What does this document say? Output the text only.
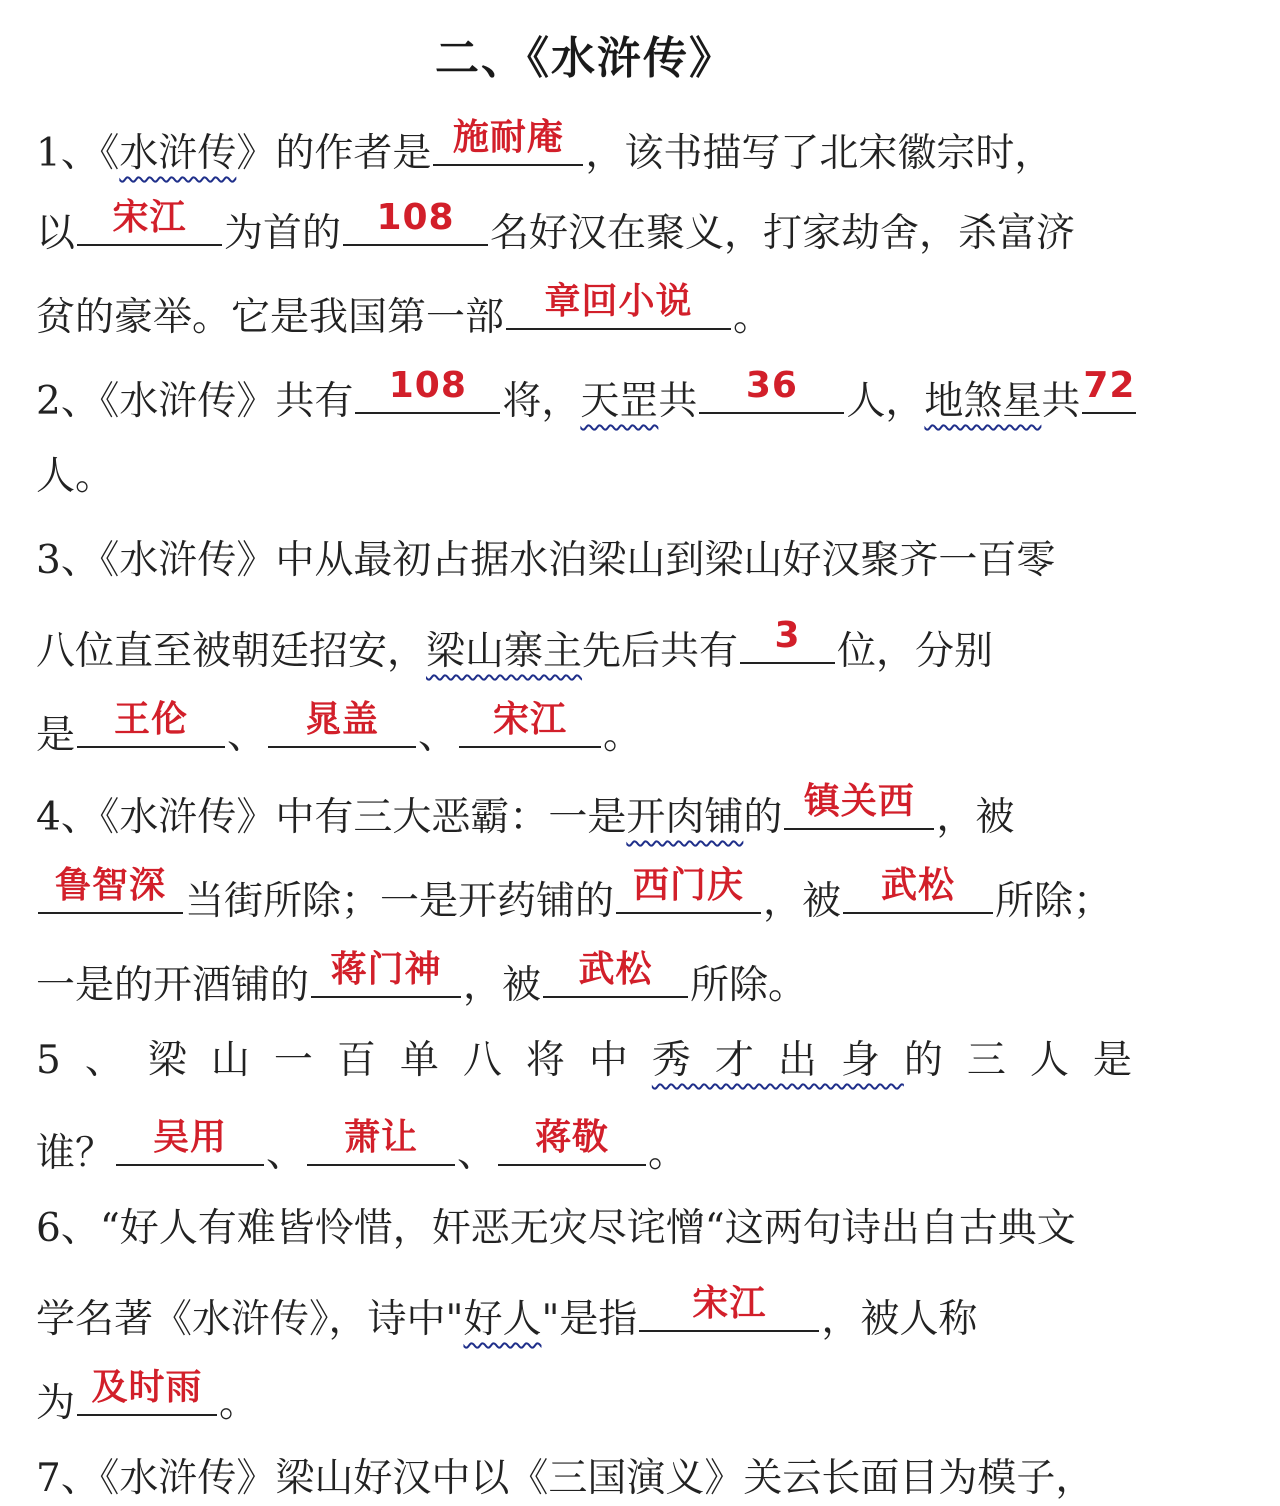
二、《水浒传》
1、《水浒传》的作者是 施耐庵 ，该书描写了北宋徽宗时，
以	宋江 为首的 108 名好汉在聚义，打家劫舍，杀富济
贫的豪举。它是我国第一部	章回小说	。
2、《水浒传》共有 108 将，天罡共	36	人，地煞星共 72
人。
3、《水浒传》中从最初占据水泊梁山到梁山好汉聚齐一百零
八位直至被朝廷招安，梁山寨主先后共有	3 位，分别
是	王伦	、	晁盖	、 宋江 。
4、《水浒传》中有三大恶霸：一是开肉铺的 镇关西 ，被
鲁智深 当街所除；一是开药铺的 西门庆 ，被	武松	所除；
一是的开酒铺的 蒋门神 ，被	武松 所除。
5、梁山一百单八将中秀才出身的三人是
谁？	吴用	、	萧让	、	蒋敬	。
6、“好人有难皆怜惜，奸恶无灾尽诧憎“这两句诗出自古典文
学名著《水浒传》，诗中"好人"是指	宋江	，被人称
为 及时雨 。
7、《水浒传》梁山好汉中以《三国演义》关云长面目为模子，
